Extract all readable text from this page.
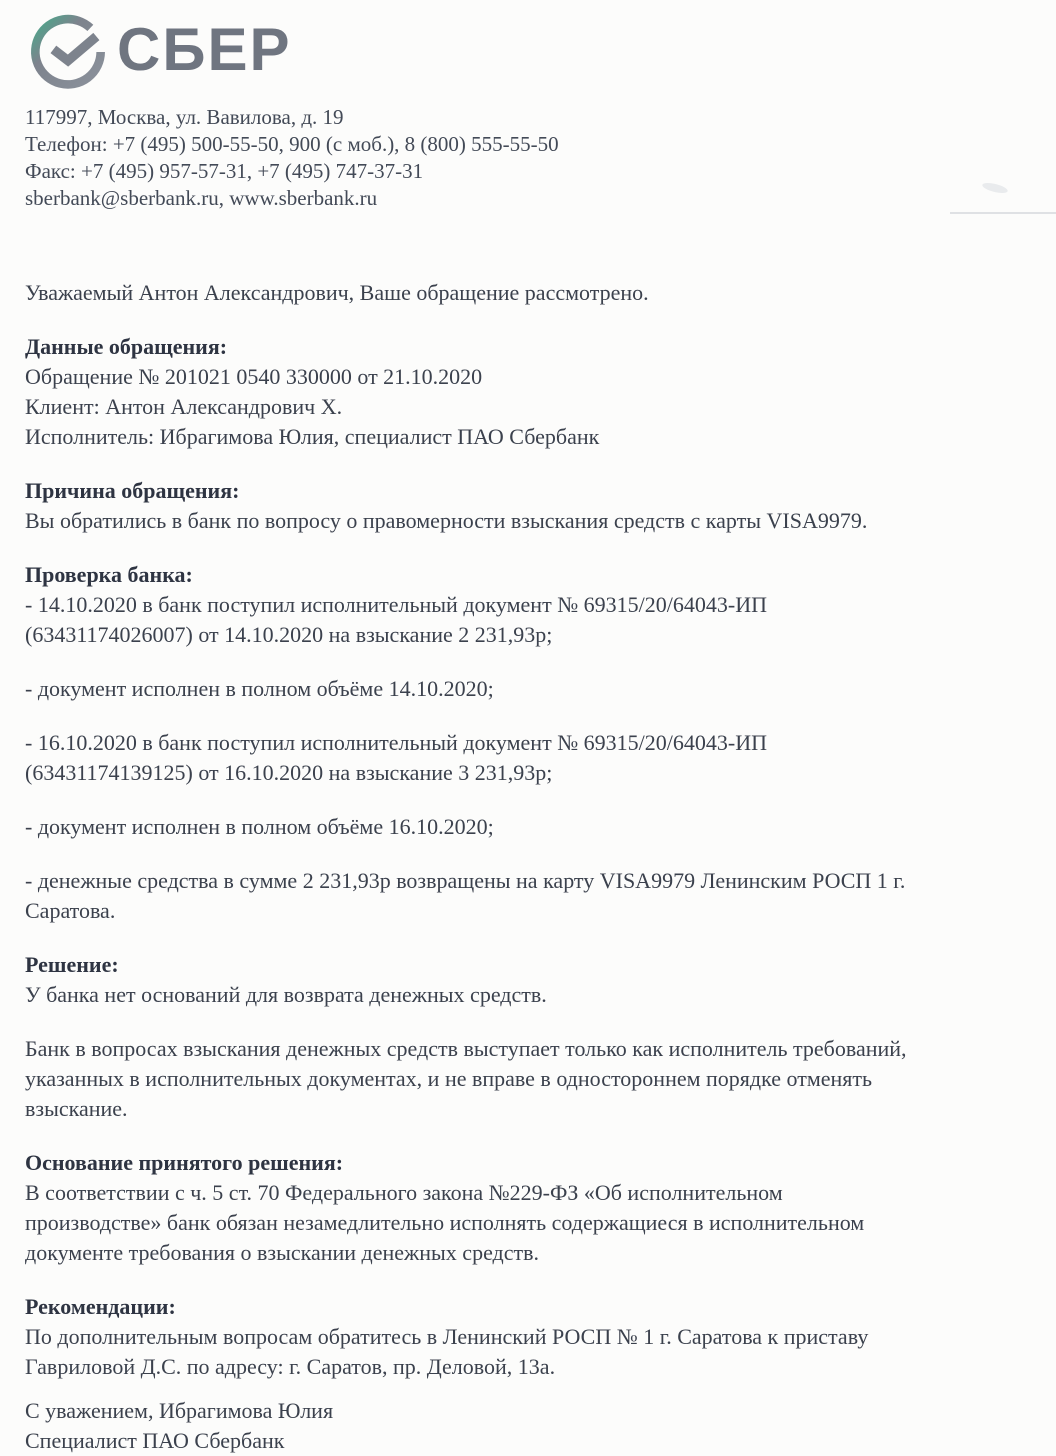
СБЕР
117997, Москва, ул. Вавилова, д. 19
Телефон: +7 (495) 500-55-50, 900 (с моб.), 8 (800) 555-55-50
Факс: +7 (495) 957-57-31, +7 (495) 747-37-31
sberbank@sberbank.ru, www.sberbank.ru
Уважаемый Антон Александрович, Ваше обращение рассмотрено.
Данные обращения:
Обращение № 201021 0540 330000 от 21.10.2020
Клиент: Антон Александрович Х.
Исполнитель: Ибрагимова Юлия, специалист ПАО Сбербанк
Причина обращения:
Вы обратились в банк по вопросу о правомерности взыскания средств с карты VISA9979.
Проверка банка:
- 14.10.2020 в банк поступил исполнительный документ № 69315/20/64043-ИП
(63431174026007) от 14.10.2020 на взыскание 2 231,93р;
- документ исполнен в полном объёме 14.10.2020;
- 16.10.2020 в банк поступил исполнительный документ № 69315/20/64043-ИП
(63431174139125) от 16.10.2020 на взыскание 3 231,93р;
- документ исполнен в полном объёме 16.10.2020;
- денежные средства в сумме 2 231,93р возвращены на карту VISA9979 Ленинским РОСП 1 г.
Саратова.
Решение:
У банка нет оснований для возврата денежных средств.
Банк в вопросах взыскания денежных средств выступает только как исполнитель требований,
указанных в исполнительных документах, и не вправе в одностороннем порядке отменять
взыскание.
Основание принятого решения:
В соответствии с ч. 5 ст. 70 Федерального закона №229-ФЗ «Об исполнительном
производстве» банк обязан незамедлительно исполнять содержащиеся в исполнительном
документе требования о взыскании денежных средств.
Рекомендации:
По дополнительным вопросам обратитесь в Ленинский РОСП № 1 г. Саратова к приставу
Гавриловой Д.С. по адресу: г. Саратов, пр. Деловой, 13а.
С уважением, Ибрагимова Юлия
Специалист ПАО Сбербанк
